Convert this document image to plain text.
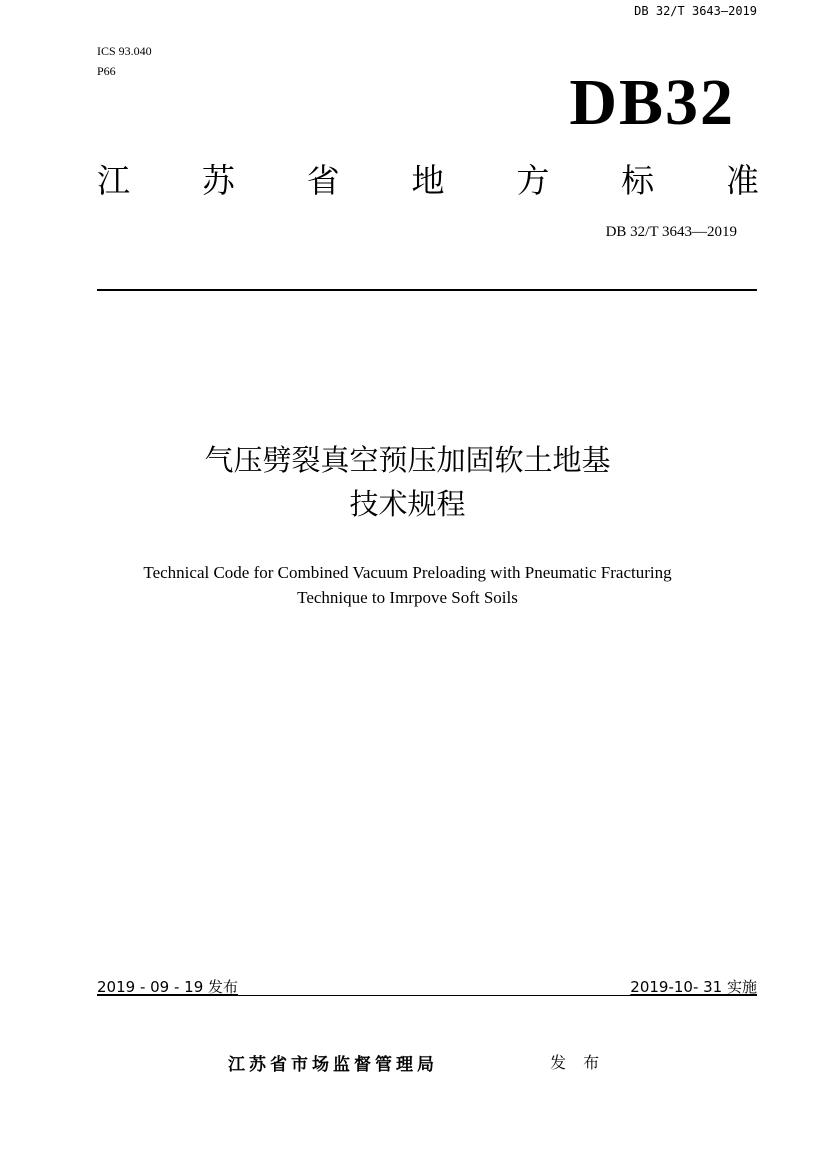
DB 32/T 3643—2019
ICS 93.040
P66	DB32
江 苏 省 地 方 标 准
DB 32/T 3643—2019
气压劈裂真空预压加固软土地基
技术规程
Technical Code for Combined Vacuum Preloading with Pneumatic Fracturing
Technique to Imrpove Soft Soils
2019 - 09 - 19 发布	2019-10- 31 实施
江苏省市场监督管理局	发 布
